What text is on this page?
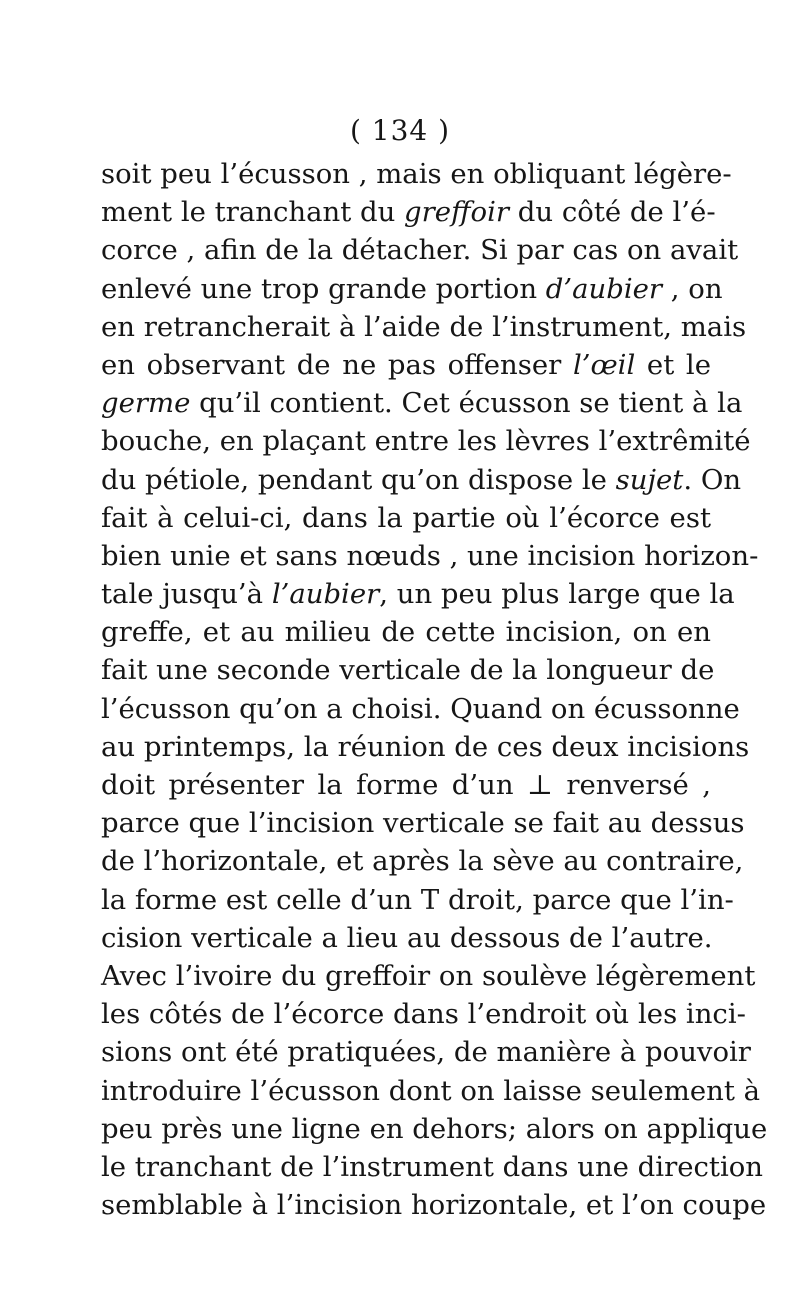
( 134 )
soit peu l’écusson , mais en obliquant légère-
ment le tranchant du greffoir du côté de l’é-
corce , afin de la détacher. Si par cas on avait
enlevé une trop grande portion d’aubier , on
en retrancherait à l’aide de l’instrument, mais
en observant de ne pas offenser l’œil et le
germe qu’il contient. Cet écusson se tient à la
bouche, en plaçant entre les lèvres l’extrêmité
du pétiole, pendant qu’on dispose le sujet. On
fait à celui-ci, dans la partie où l’écorce est
bien unie et sans nœuds , une incision horizon-
tale jusqu’à l’aubier, un peu plus large que la
greffe, et au milieu de cette incision, on en
fait une seconde verticale de la longueur de
l’écusson qu’on a choisi. Quand on écussonne
au printemps, la réunion de ces deux incisions
doit présenter la forme d’un ⊥ renversé ,
parce que l’incision verticale se fait au dessus
de l’horizontale, et après la sève au contraire,
la forme est celle d’un T droit, parce que l’in-
cision verticale a lieu au dessous de l’autre.
Avec l’ivoire du greffoir on soulève légèrement
les côtés de l’écorce dans l’endroit où les inci-
sions ont été pratiquées, de manière à pouvoir
introduire l’écusson dont on laisse seulement à
peu près une ligne en dehors; alors on applique
le tranchant de l’instrument dans une direction
semblable à l’incision horizontale, et l’on coupe
